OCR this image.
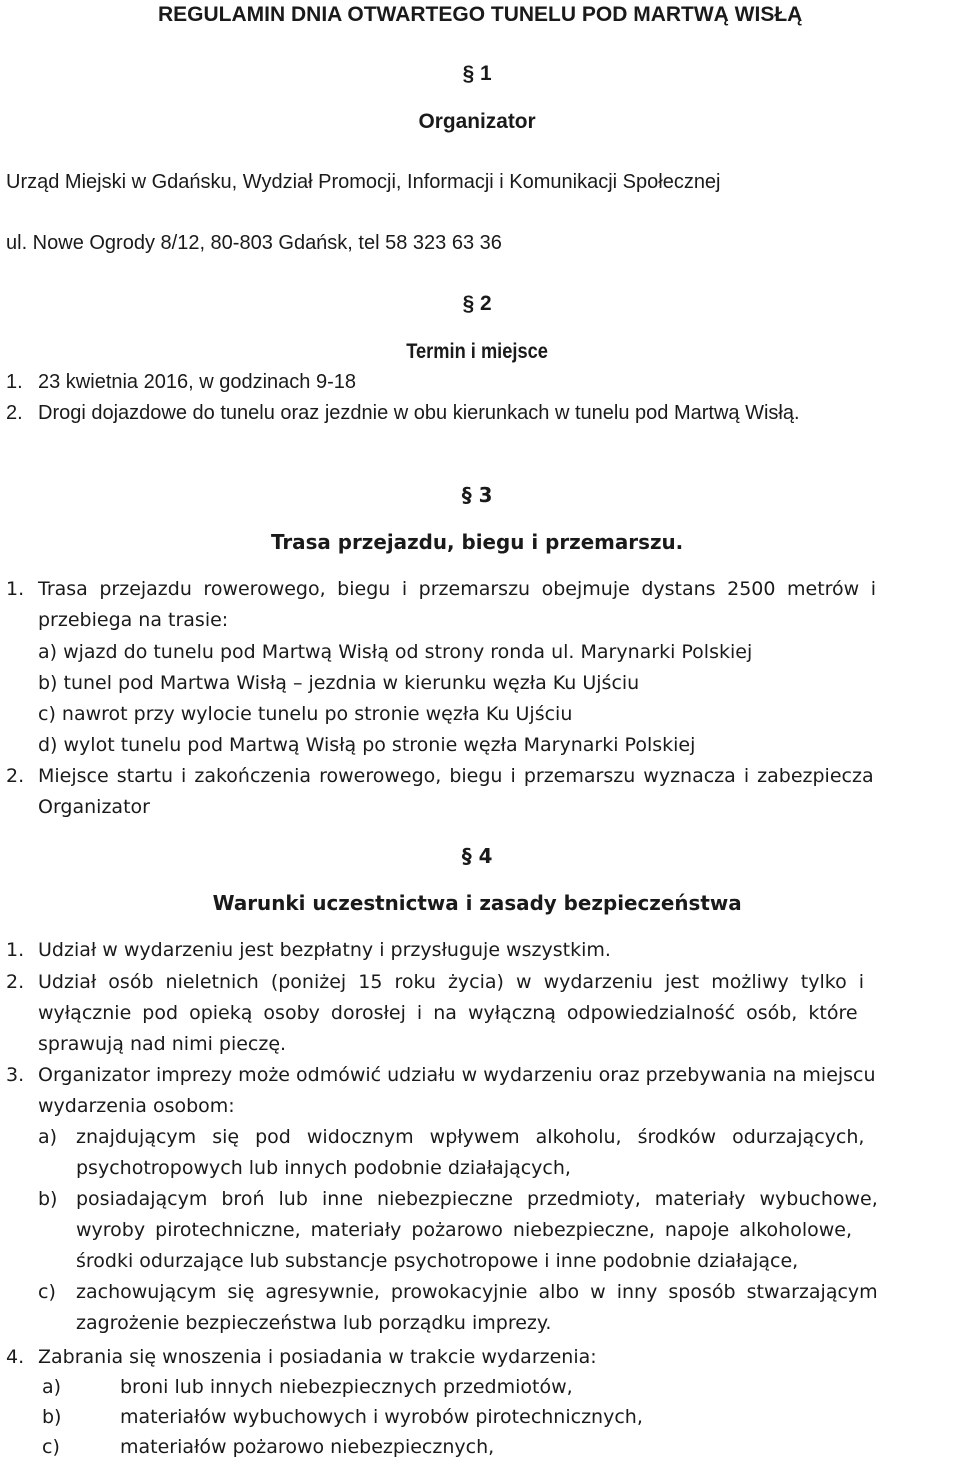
REGULAMIN DNIA OTWARTEGO TUNELU POD MARTWĄ WISŁĄ
§ 1
Organizator
Urząd Miejski w Gdańsku, Wydział Promocji, Informacji i Komunikacji Społecznej
ul. Nowe Ogrody 8/12, 80-803 Gdańsk, tel 58 323 63 36
§ 2
Termin i miejsce
1. 23 kwietnia 2016, w godzinach 9-18
2. Drogi dojazdowe do tunelu oraz jezdnie w obu kierunkach w tunelu pod Martwą Wisłą.
§ 3
Trasa przejazdu, biegu i przemarszu.
1. Trasa przejazdu rowerowego, biegu i przemarszu obejmuje dystans 2500 metrów i
przebiega na trasie:
a) wjazd do tunelu pod Martwą Wisłą od strony ronda ul. Marynarki Polskiej
b) tunel pod Martwa Wisłą – jezdnia w kierunku węzła Ku Ujściu
c) nawrot przy wylocie tunelu po stronie węzła Ku Ujściu
d) wylot tunelu pod Martwą Wisłą po stronie węzła Marynarki Polskiej
2. Miejsce startu i zakończenia rowerowego, biegu i przemarszu wyznacza i zabezpiecza
Organizator
§ 4
Warunki uczestnictwa i zasady bezpieczeństwa
1. Udział w wydarzeniu jest bezpłatny i przysługuje wszystkim.
2. Udział osób nieletnich (poniżej 15 roku życia) w wydarzeniu jest możliwy tylko i
wyłącznie pod opieką osoby dorosłej i na wyłączną odpowiedzialność osób, które
sprawują nad nimi pieczę.
3. Organizator imprezy może odmówić udziału w wydarzeniu oraz przebywania na miejscu
wydarzenia osobom:
a) znajdującym się pod widocznym wpływem alkoholu, środków odurzających,
psychotropowych lub innych podobnie działających,
b) posiadającym broń lub inne niebezpieczne przedmioty, materiały wybuchowe,
wyroby pirotechniczne, materiały pożarowo niebezpieczne, napoje alkoholowe,
środki odurzające lub substancje psychotropowe i inne podobnie działające,
c) zachowującym się agresywnie, prowokacyjnie albo w inny sposób stwarzającym
zagrożenie bezpieczeństwa lub porządku imprezy.
4. Zabrania się wnoszenia i posiadania w trakcie wydarzenia:
a)	broni lub innych niebezpiecznych przedmiotów,
b)	materiałów wybuchowych i wyrobów pirotechnicznych,
c)	materiałów pożarowo niebezpiecznych,
